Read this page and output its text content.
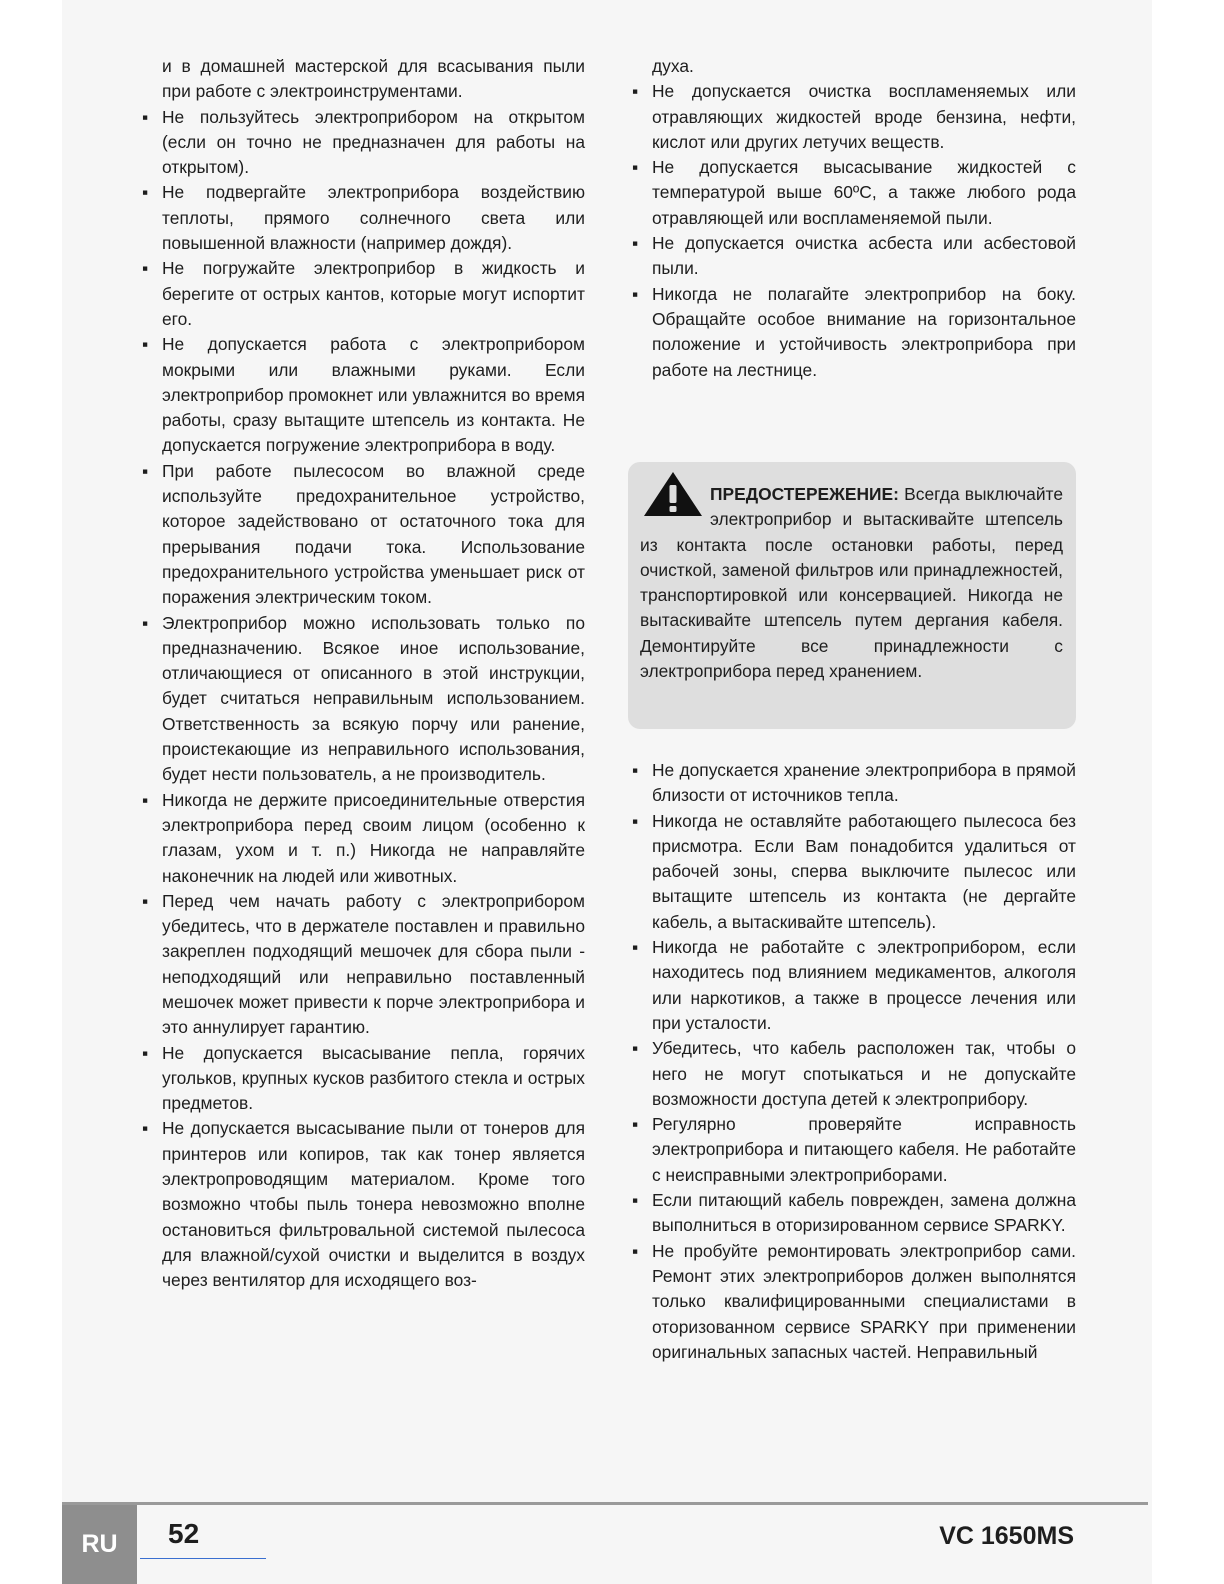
и в домашней мастерской для всасывания пыли при работе с электроинструментами.

▪ Не пользуйтесь электроприбором на открытом (если он точно не предназначен для работы на открытом).
▪ Не подвергайте электроприбора воздействию теплоты, прямого солнечного света или повышенной влажности (например дождя).
▪ Не погружайте электроприбор в жидкость и берегите от острых кантов, которые могут испортит его.
▪ Не допускается работа с электроприбором мокрыми или влажными руками. Если электроприбор промокнет или увлажнится во время работы, сразу вытащите штепсель из контакта. Не допускается погружение электроприбора в воду.
▪ При работе пылесосом во влажной среде используйте предохранительное устройство, которое задействовано от остаточного тока для прерывания подачи тока. Использование предохранительного устройства уменьшает риск от поражения электрическим током.
▪ Электроприбор можно использовать только по предназначению. Всякое иное использование, отличающиеся от описанного в этой инструкции, будет считаться неправильным использованием. Ответственность за всякую порчу или ранение, проистекающие из неправильного использования, будет нести пользователь, а не производитель.
▪ Никогда не держите присоединительные отверстия электроприбора перед своим лицом (особенно к глазам, ухом и т. п.) Никогда не направляйте наконечник на людей или животных.
▪ Перед чем начать работу с электроприбором убедитесь, что в держателе поставлен и правильно закреплен подходящий мешочек для сбора пыли - неподходящий или неправильно поставленный мешочек может привести к порче электроприбора и это аннулирует гарантию.
▪ Не допускается высасывание пепла, горячих угольков, крупных кусков разбитого стекла и острых предметов.
▪ Не допускается высасывание пыли от тонеров для принтеров или копиров, так как тонер является электропроводящим материалом. Кроме того возможно чтобы пыль тонера невозможно вполне остановиться фильтровальной системой пылесоса для влажной/сухой очистки и выделится в воздух через вентилятор для исходящего воз-

духа.

▪ Не допускается очистка воспламеняемых или отравляющих жидкостей вроде бензина, нефти, кислот или других летучих веществ.
▪ Не допускается высасывание жидкостей с температурой выше 60ºC, а также любого рода отравляющей или воспламеняемой пыли.
▪ Не допускается очистка асбеста или асбестовой пыли.
▪ Никогда не полагайте электроприбор на боку. Обращайте особое внимание на горизонтальное положение и устойчивость электроприбора при работе на лестнице.
ПРЕДОСТЕРЕЖЕНИЕ: Всегда выключайте электроприбор и вытаскивайте штепсель из контакта после остановки работы, перед очисткой, заменой фильтров или принадлежностей, транспортировкой или консервацией. Никогда не вытаскивайте штепсель путем дергания кабеля. Демонтируйте все принадлежности с электроприбора перед хранением.
▪ Не допускается хранение электроприбора в прямой близости от источников тепла.
▪ Никогда не оставляйте работающего пылесоса без присмотра. Если Вам понадобится удалиться от рабочей зоны, сперва выключите пылесос или вытащите штепсель из контакта (не дергайте кабель, а вытаскивайте штепсель).
▪ Никогда не работайте с электроприбором, если находитесь под влиянием медикаментов, алкоголя или наркотиков, а также в процессе лечения или при усталости.
▪ Убедитесь, что кабель расположен так, чтобы о него не могут спотыкаться и не допускайте возможности доступа детей к электроприбору.
▪ Регулярно проверяйте исправность электроприбора и питающего кабеля. Не работайте с неисправными электроприборами.
▪ Если питающий кабель поврежден, замена должна выполниться в оторизированном сервисе SPARKY.
▪ Не пробуйте ремонтировать электроприбор сами. Ремонт этих электроприборов должен выполнятся только квалифицированными специалистами в оторизованном сервисе SPARKY при применении оригинальных запасных частей. Неправильный
RU	52	VC 1650MS
